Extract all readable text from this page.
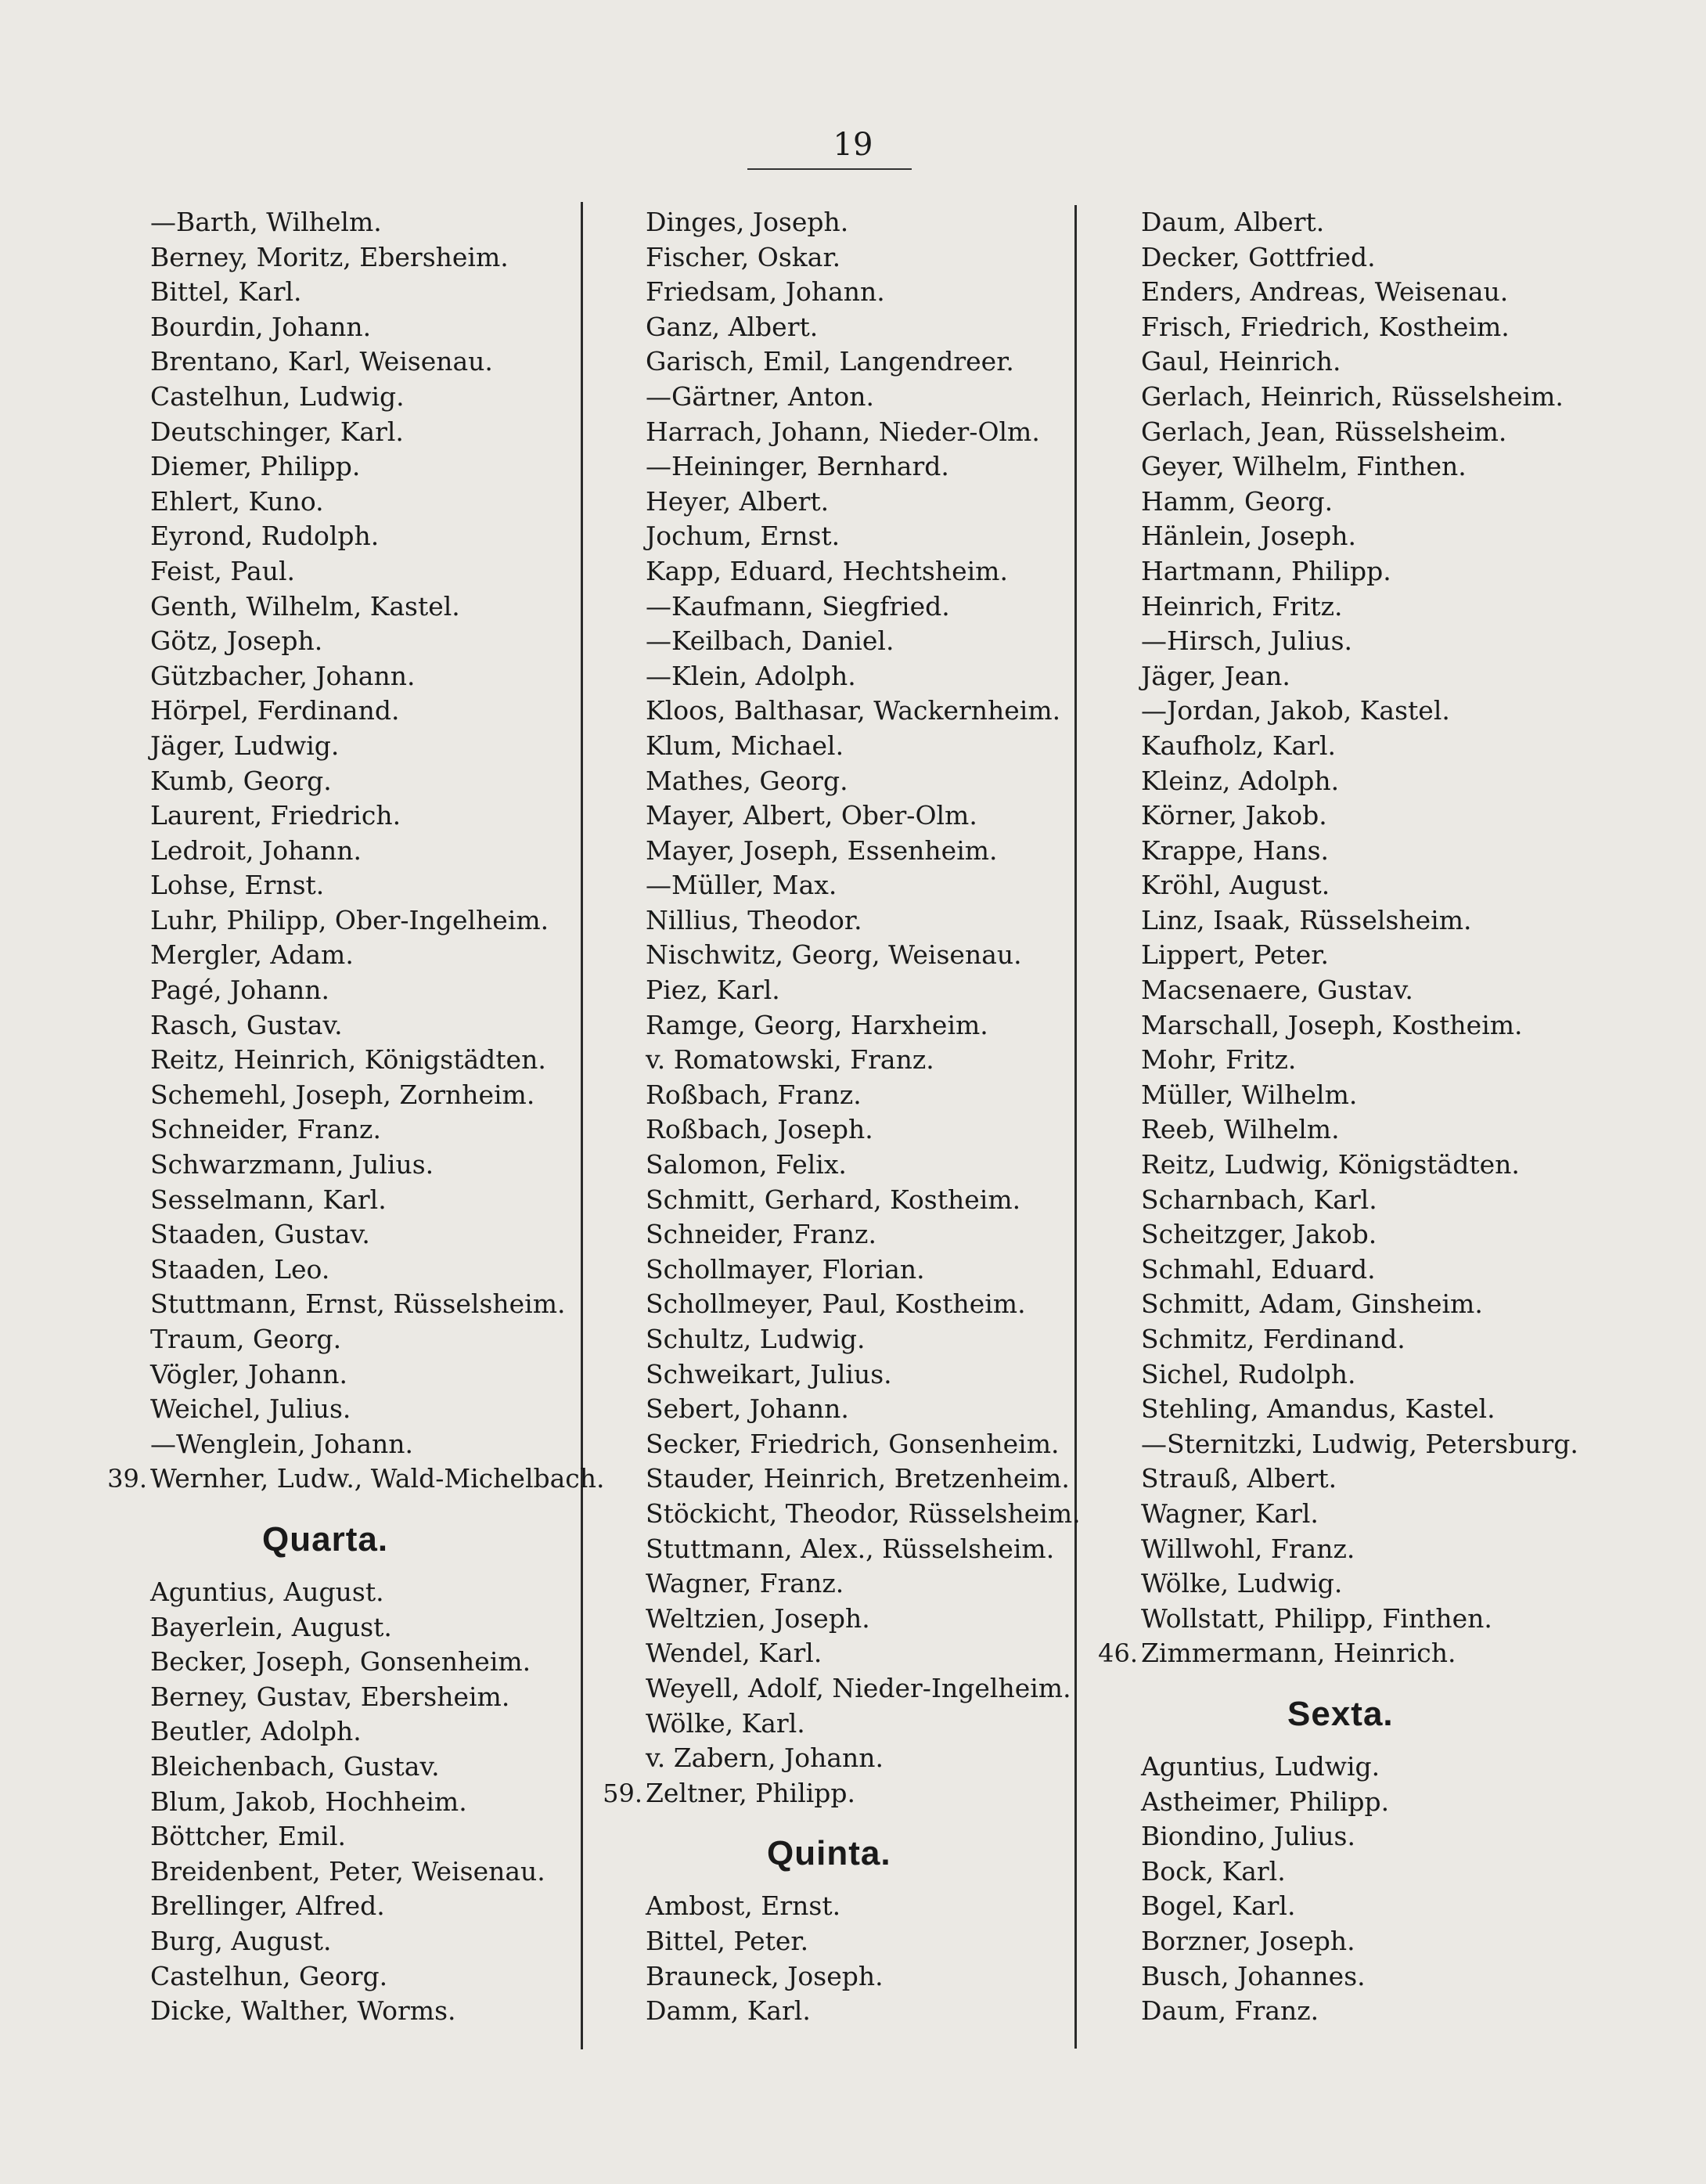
19
—Barth, Wilhelm.
Berney, Moritz, Ebersheim.
Bittel, Karl.
Bourdin, Johann.
Brentano, Karl, Weisenau.
Castelhun, Ludwig.
Deutschinger, Karl.
Diemer, Philipp.
Ehlert, Kuno.
Eyrond, Rudolph.
Feist, Paul.
Genth, Wilhelm, Kastel.
Götz, Joseph.
Gützbacher, Johann.
Hörpel, Ferdinand.
Jäger, Ludwig.
Kumb, Georg.
Laurent, Friedrich.
Ledroit, Johann.
Lohse, Ernst.
Luhr, Philipp, Ober-Ingelheim.
Mergler, Adam.
Pagé, Johann.
Rasch, Gustav.
Reitz, Heinrich, Königstädten.
Schemehl, Joseph, Zornheim.
Schneider, Franz.
Schwarzmann, Julius.
Sesselmann, Karl.
Staaden, Gustav.
Staaden, Leo.
Stuttmann, Ernst, Rüsselsheim.
Traum, Georg.
Vögler, Johann.
Weichel, Julius.
—Wenglein, Johann.
39. Wernher, Ludw., Wald-Michelbach.
Quarta.
Aguntius, August.
Bayerlein, August.
Becker, Joseph, Gonsenheim.
Berney, Gustav, Ebersheim.
Beutler, Adolph.
Bleichenbach, Gustav.
Blum, Jakob, Hochheim.
Böttcher, Emil.
Breidenbent, Peter, Weisenau.
Brellinger, Alfred.
Burg, August.
Castelhun, Georg.
Dicke, Walther, Worms.
Dinges, Joseph.
Fischer, Oskar.
Friedsam, Johann.
Ganz, Albert.
Garisch, Emil, Langendreer.
—Gärtner, Anton.
Harrach, Johann, Nieder-Olm.
—Heininger, Bernhard.
Heyer, Albert.
Jochum, Ernst.
Kapp, Eduard, Hechtsheim.
—Kaufmann, Siegfried.
—Keilbach, Daniel.
—Klein, Adolph.
Kloos, Balthasar, Wackernheim.
Klum, Michael.
Mathes, Georg.
Mayer, Albert, Ober-Olm.
Mayer, Joseph, Essenheim.
—Müller, Max.
Nillius, Theodor.
Nischwitz, Georg, Weisenau.
Piez, Karl.
Ramge, Georg, Harxheim.
v. Romatowski, Franz.
Roßbach, Franz.
Roßbach, Joseph.
Salomon, Felix.
Schmitt, Gerhard, Kostheim.
Schneider, Franz.
Schollmayer, Florian.
Schollmeyer, Paul, Kostheim.
Schultz, Ludwig.
Schweikart, Julius.
Sebert, Johann.
Secker, Friedrich, Gonsenheim.
Stauder, Heinrich, Bretzenheim.
Stöckicht, Theodor, Rüsselsheim.
Stuttmann, Alex., Rüsselsheim.
Wagner, Franz.
Weltzien, Joseph.
Wendel, Karl.
Weyell, Adolf, Nieder-Ingelheim.
Wölke, Karl.
v. Zabern, Johann.
59. Zeltner, Philipp.
Quinta.
Ambost, Ernst.
Bittel, Peter.
Brauneck, Joseph.
Damm, Karl.
Daum, Albert.
Decker, Gottfried.
Enders, Andreas, Weisenau.
Frisch, Friedrich, Kostheim.
Gaul, Heinrich.
Gerlach, Heinrich, Rüsselsheim.
Gerlach, Jean, Rüsselsheim.
Geyer, Wilhelm, Finthen.
Hamm, Georg.
Hänlein, Joseph.
Hartmann, Philipp.
Heinrich, Fritz.
—Hirsch, Julius.
Jäger, Jean.
—Jordan, Jakob, Kastel.
Kaufholz, Karl.
Kleinz, Adolph.
Körner, Jakob.
Krappe, Hans.
Kröhl, August.
Linz, Isaak, Rüsselsheim.
Lippert, Peter.
Macsenaere, Gustav.
Marschall, Joseph, Kostheim.
Mohr, Fritz.
Müller, Wilhelm.
Reeb, Wilhelm.
Reitz, Ludwig, Königstädten.
Scharnbach, Karl.
Scheitzger, Jakob.
Schmahl, Eduard.
Schmitt, Adam, Ginsheim.
Schmitz, Ferdinand.
Sichel, Rudolph.
Stehling, Amandus, Kastel.
—Sternitzki, Ludwig, Petersburg.
Strauß, Albert.
Wagner, Karl.
Willwohl, Franz.
Wölke, Ludwig.
Wollstatt, Philipp, Finthen.
46. Zimmermann, Heinrich.
Sexta.
Aguntius, Ludwig.
Astheimer, Philipp.
Biondino, Julius.
Bock, Karl.
Bogel, Karl.
Borzner, Joseph.
Busch, Johannes.
Daum, Franz.
